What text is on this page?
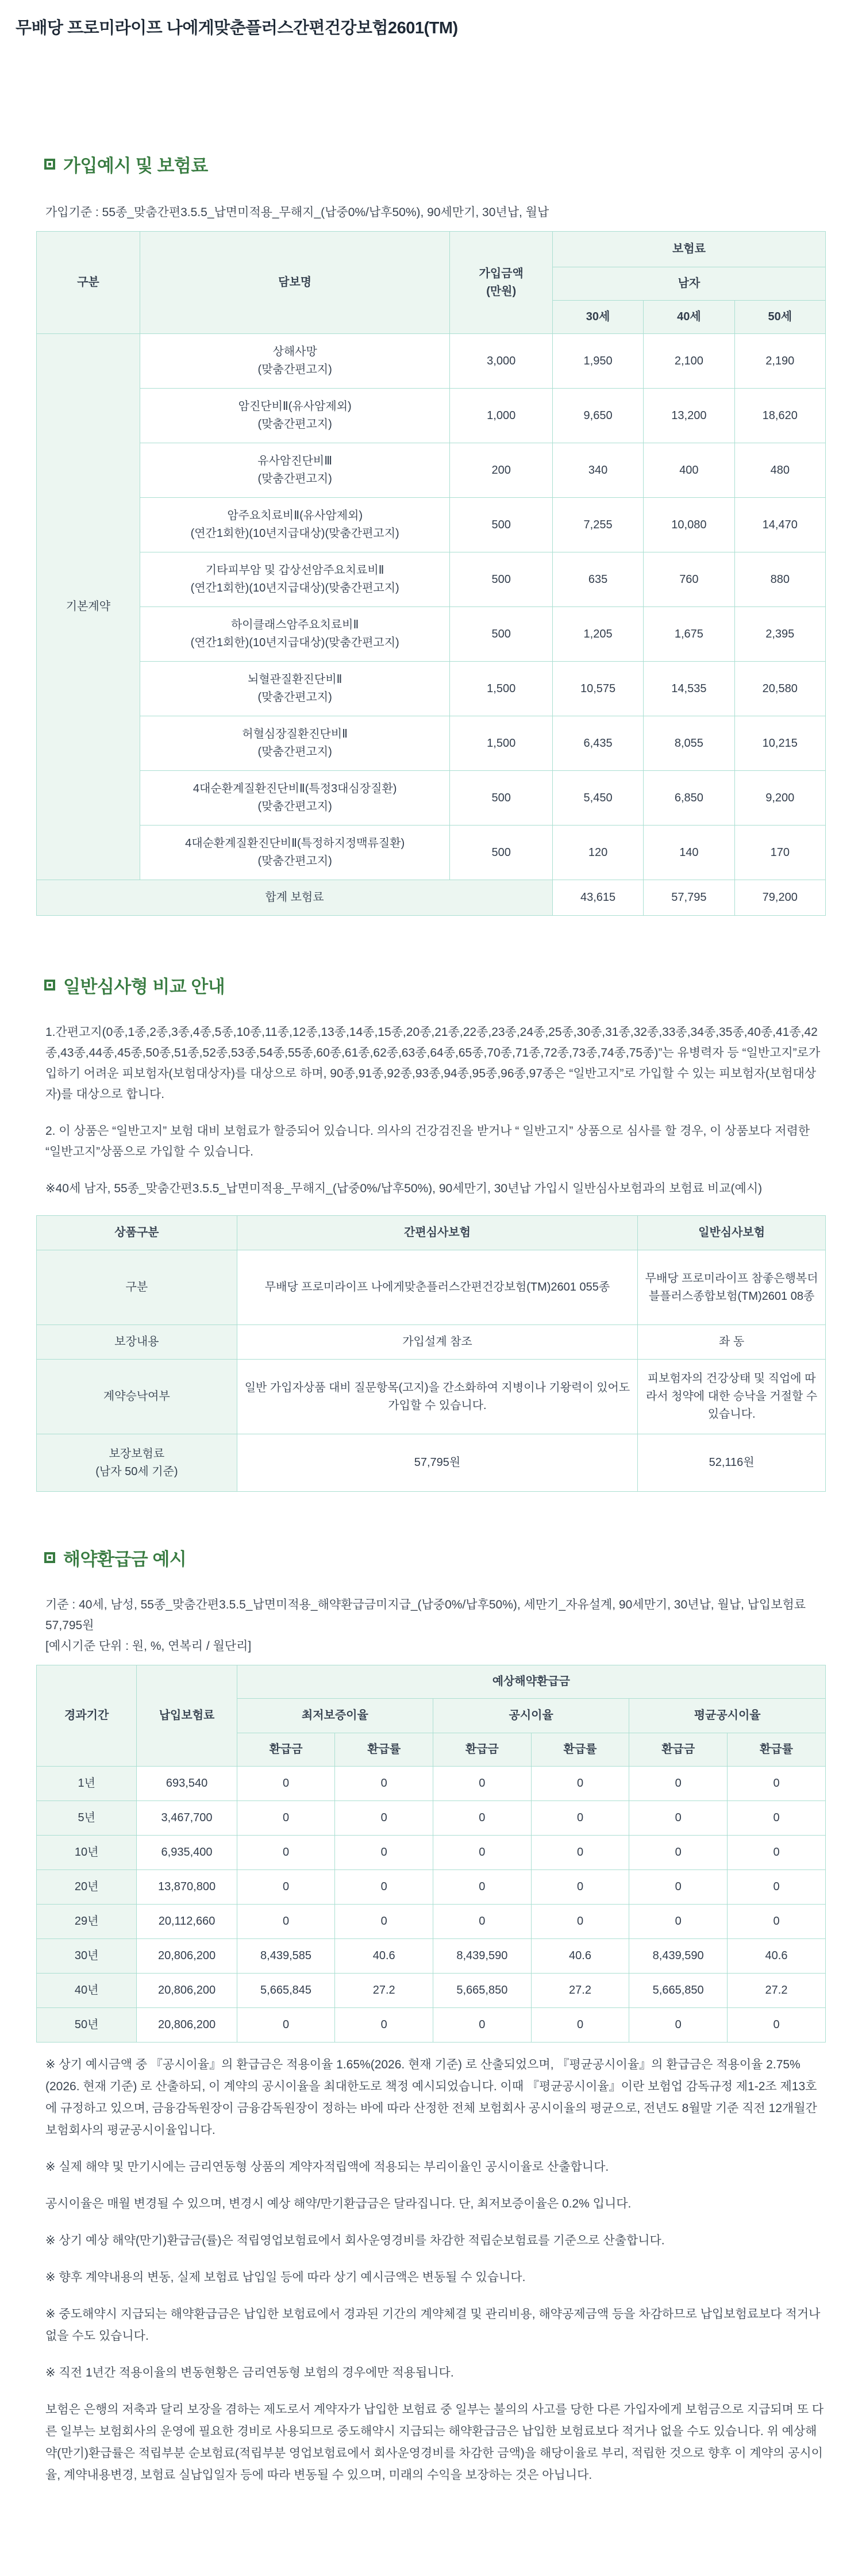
무배당 프로미라이프 나에게맞춘플러스간편건강보험2601(TM)
가입예시 및 보험료

가입기준 : 55종_맞춤간편3.5.5_납면미적용_무해지_(납중0%/납후50%), 90세만기, 30년납, 월납

구분	담보명	가입금액
(만원)	보험료		
			남자		
			30세	40세	50세
기본계약	상해사망
(맞춤간편고지)	3,000	1,950	2,100	2,190

	암진단비Ⅱ(유사암제외)
(맞춤간편고지)	1,000	9,650	13,200	18,620

	유사암진단비Ⅲ
(맞춤간편고지)	200	340	400	480

	암주요치료비Ⅱ(유사암제외)
(연간1회한)(10년지급대상)(맞춤간편고지)	500	7,255	10,080	14,470

	기타피부암 및 갑상선암주요치료비Ⅱ
(연간1회한)(10년지급대상)(맞춤간편고지)	500	635	760	880

	하이클래스암주요치료비Ⅱ
(연간1회한)(10년지급대상)(맞춤간편고지)	500	1,205	1,675	2,395

	뇌혈관질환진단비Ⅱ
(맞춤간편고지)	1,500	10,575	14,535	20,580

	허혈심장질환진단비Ⅱ
(맞춤간편고지)	1,500	6,435	8,055	10,215

	4대순환계질환진단비Ⅱ(특정3대심장질환)
(맞춤간편고지)	500	5,450	6,850	9,200

	4대순환계질환진단비Ⅱ(특정하지정맥류질환)
(맞춤간편고지)	500	120	140	170
합계 보험료			43,615	57,795	79,200
일반심사형 비교 안내

1.간편고지(0종,1종,2종,3종,4종,5종,10종,11종,12종,13종,14종,15종,20종,21종,22종,23종,24종,25종,30종,31종,32종,33종,34종,35종,40종,41종,42종,43종,44종,45종,50종,51종,52종,53종,54종,55종,60종,61종,62종,63종,64종,65종,70종,71종,72종,73종,74종,75종)”는 유병력자 등 “일반고지”로가입하기 어려운 피보험자(보험대상자)를 대상으로 하며, 90종,91종,92종,93종,94종,95종,96종,97종은 “일반고지”로 가입할 수 있는 피보험자(보험대상자)를 대상으로 합니다.

2. 이 상품은 “일반고지” 보험 대비 보험료가 할증되어 있습니다. 의사의 건강검진을 받거나 “ 일반고지” 상품으로 심사를 할 경우, 이 상품보다 저렴한 “일반고지”상품으로 가입할 수 있습니다.

※40세 남자, 55종_맞춤간편3.5.5_납면미적용_무해지_(납중0%/납후50%), 90세만기, 30년납 가입시 일반심사보험과의 보험료 비교(예시)

상품구분	간편심사보험	일반심사보험
구분	무배당 프로미라이프 나에게맞춘플러스간편건강보험(TM)2601 055종	무배당 프로미라이프 참좋은행복더블플러스종합보험(TM)2601 08종
보장내용	가입설계 참조	좌 동
계약승낙여부	일반 가입자상품 대비 질문항목(고지)을 간소화하여 지병이나 기왕력이 있어도 가입할 수 있습니다.	피보험자의 건강상태 및 직업에 따라서 청약에 대한 승낙을 거절할 수 있습니다.

보장보험료
(남자 50세 기준)	57,795원	52,116원
해약환급금 예시

기준 : 40세, 남성, 55종_맞춤간편3.5.5_납면미적용_해약환급금미지급_(납중0%/납후50%), 세만기_자유설계, 90세만기, 30년납, 월납, 납입보험료 57,795원

[예시기준 단위 : 원, %, 연복리 / 월단리]

경과기간	납입보험료	예상해약환급금					
		최저보증이율		공시이율		평균공시이율	
		환급금	환급률	환급금	환급률	환급금	환급률
1년	693,540	0	0	0	0	0	0
5년	3,467,700	0	0	0	0	0	0
10년	6,935,400	0	0	0	0	0	0
20년	13,870,800	0	0	0	0	0	0
29년	20,112,660	0	0	0	0	0	0
30년	20,806,200	8,439,585	40.6	8,439,590	40.6	8,439,590	40.6
40년	20,806,200	5,665,845	27.2	5,665,850	27.2	5,665,850	27.2
50년	20,806,200	0	0	0	0	0	0

※ 상기 예시금액 중 『공시이율』의 환급금은 적용이율 1.65%(2026. 현재 기준) 로 산출되었으며, 『평균공시이율』의 환급금은 적용이율 2.75%(2026. 현재 기준) 로 산출하되, 이 계약의 공시이율을 최대한도로 책정 예시되었습니다. 이때 『평균공시이율』이란 보험업 감독규정 제1-2조 제13호에 규정하고 있으며, 금융감독원장이 금융감독원장이 정하는 바에 따라 산정한 전체 보험회사 공시이율의 평균으로, 전년도 8월말 기준 직전 12개월간 보험회사의 평균공시이율입니다.

※ 실제 해약 및 만기시에는 금리연동형 상품의 계약자적립액에 적용되는 부리이율인 공시이율로 산출합니다.

공시이율은 매월 변경될 수 있으며, 변경시 예상 해약/만기환급금은 달라집니다. 단, 최저보증이율은 0.2% 입니다.

※ 상기 예상 해약(만기)환급금(률)은 적립영업보험료에서 회사운영경비를 차감한 적립순보험료를 기준으로 산출합니다.

※ 향후 계약내용의 변동, 실제 보험료 납입일 등에 따라 상기 예시금액은 변동될 수 있습니다.

※ 중도해약시 지급되는 해약환급금은 납입한 보험료에서 경과된 기간의 계약체결 및 관리비용, 해약공제금액 등을 차감하므로 납입보험료보다 적거나 없을 수도 있습니다.

※ 직전 1년간 적용이율의 변동현황은 금리연동형 보험의 경우에만 적용됩니다.

보험은 은행의 저축과 달리 보장을 겸하는 제도로서 계약자가 납입한 보험료 중 일부는 불의의 사고를 당한 다른 가입자에게 보험금으로 지급되며 또 다른 일부는 보험회사의 운영에 필요한 경비로 사용되므로 중도해약시 지급되는 해약환급금은 납입한 보험료보다 적거나 없을 수도 있습니다. 위 예상해약(만기)환급률은 적립부분 순보험료(적립부분 영업보험료에서 회사운영경비를 차감한 금액)을 해당이율로 부리, 적립한 것으로 향후 이 계약의 공시이율, 계약내용변경, 보험료 실납입일자 등에 따라 변동될 수 있으며, 미래의 수익을 보장하는 것은 아닙니다.
